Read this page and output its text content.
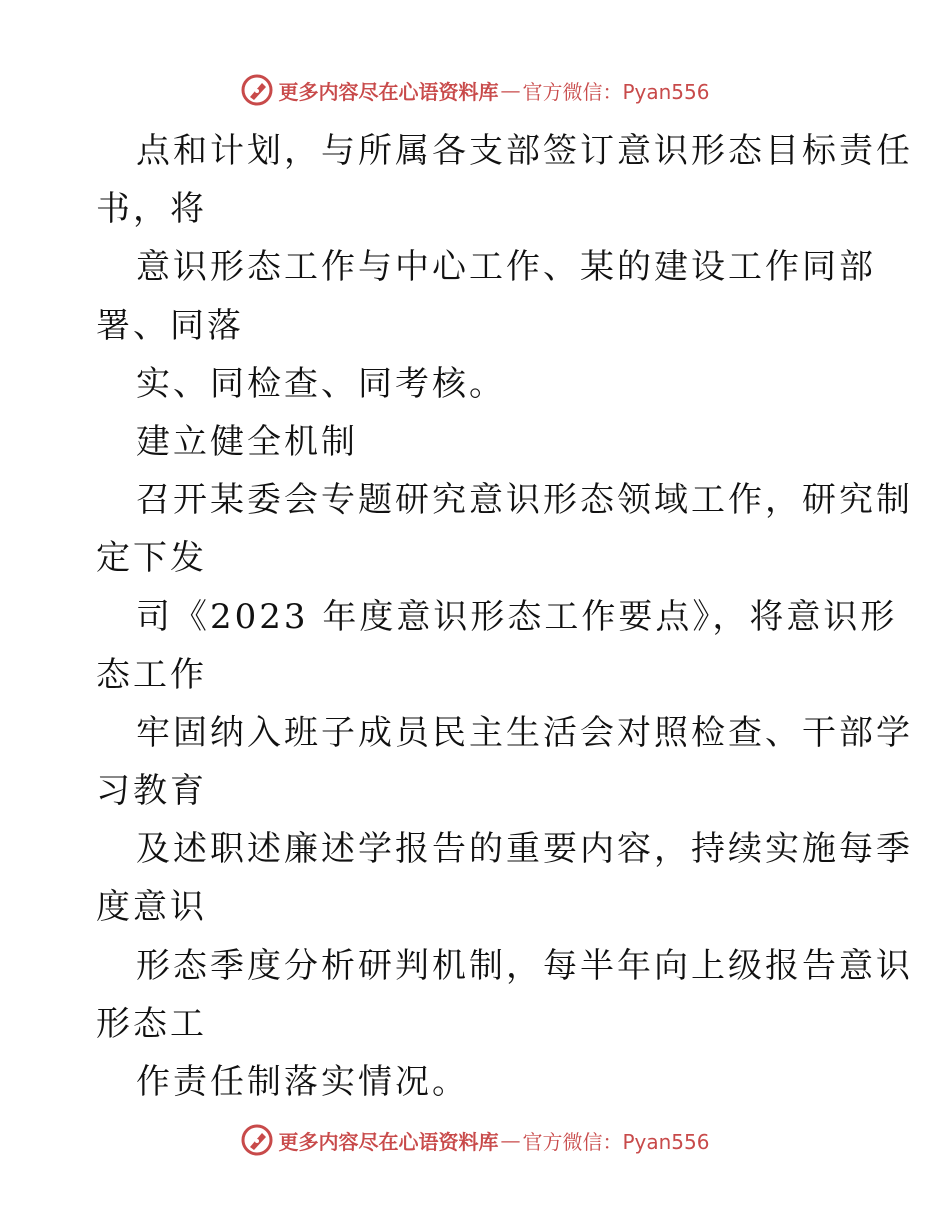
更多内容尽在心语资料库 — 官方微信：Pyan556
点和计划，与所属各支部签订意识形态目标责任
书，将
意识形态工作与中心工作、某的建设工作同部
署、同落
实、同检查、同考核。
建立健全机制
召开某委会专题研究意识形态领域工作，研究制
定下发
司《2023 年度意识形态工作要点》，将意识形
态工作
牢固纳入班子成员民主生活会对照检查、干部学
习教育
及述职述廉述学报告的重要内容，持续实施每季
度意识
形态季度分析研判机制，每半年向上级报告意识
形态工
作责任制落实情况。
更多内容尽在心语资料库 — 官方微信：Pyan556
